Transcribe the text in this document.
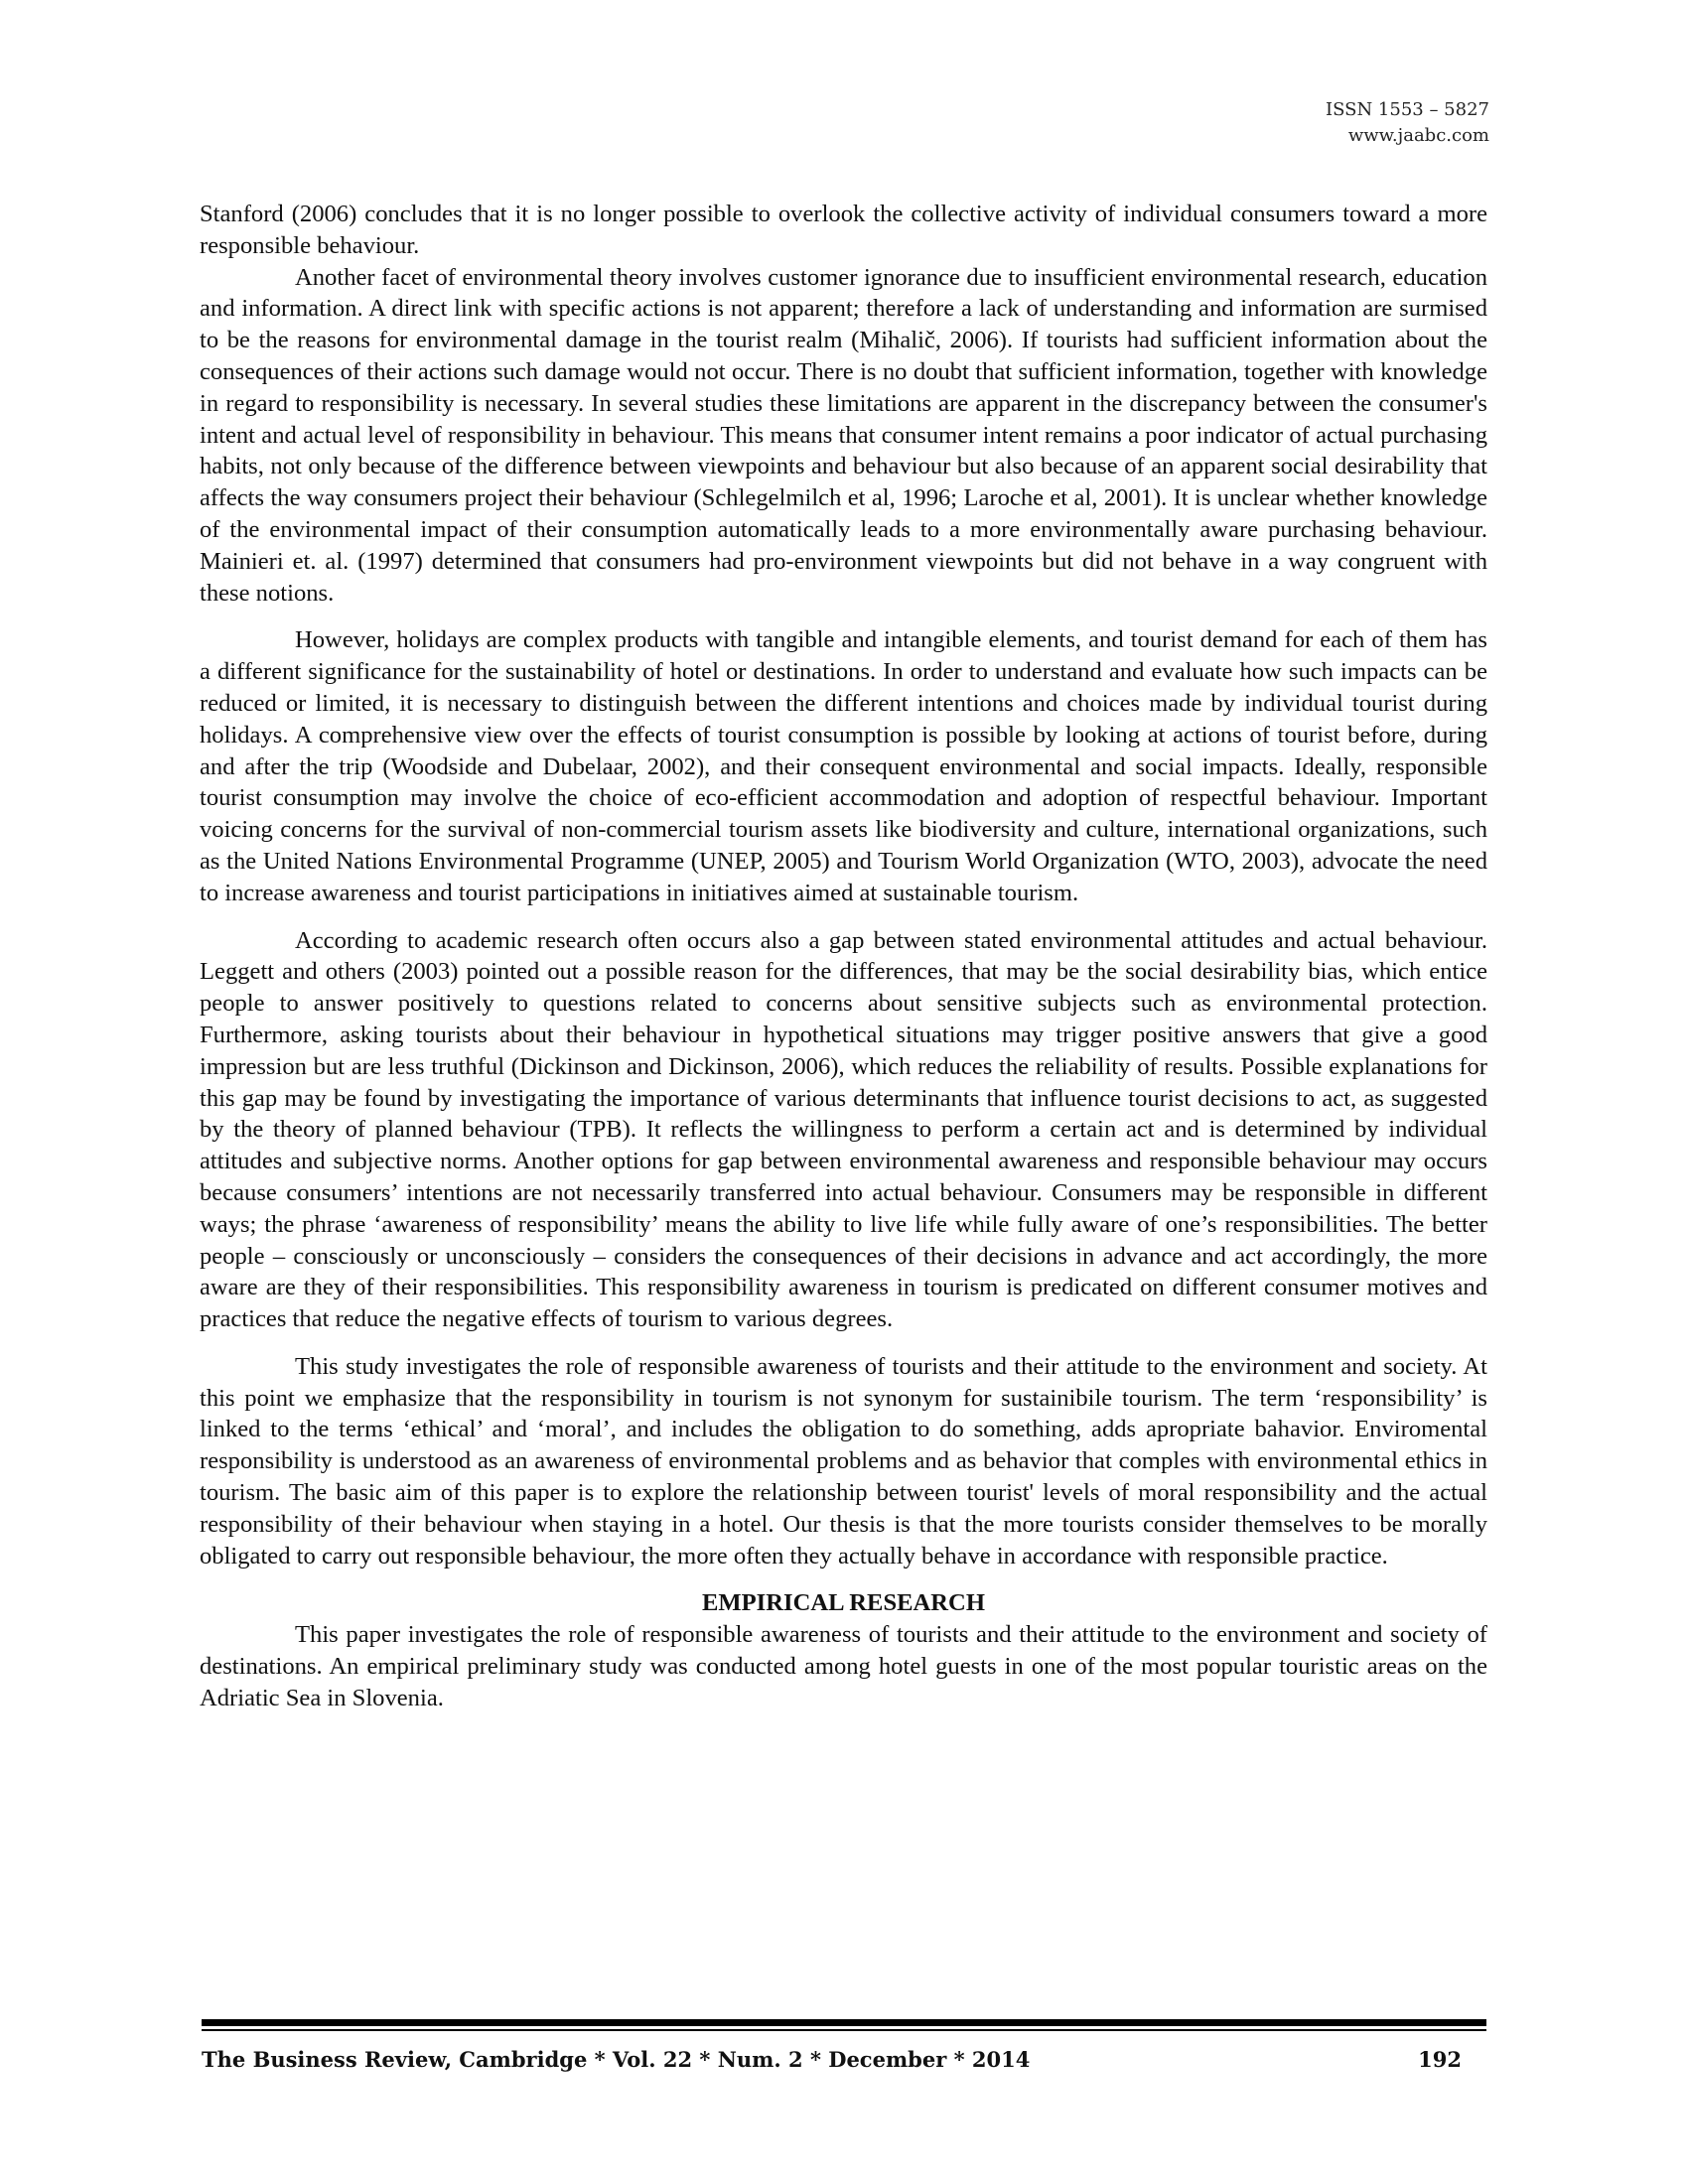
ISSN 1553 – 5827
www.jaabc.com

Stanford (2006) concludes that it is no longer possible to overlook the collective activity of individual consumers toward a more responsible behaviour.

Another facet of environmental theory involves customer ignorance due to insufficient environmental research, education and information. A direct link with specific actions is not apparent; therefore a lack of understanding and information are surmised to be the reasons for environmental damage in the tourist realm (Mihalič, 2006). If tourists had sufficient information about the consequences of their actions such damage would not occur. There is no doubt that sufficient information, together with knowledge in regard to responsibility is necessary. In several studies these limitations are apparent in the discrepancy between the consumer's intent and actual level of responsibility in behaviour. This means that consumer intent remains a poor indicator of actual purchasing habits, not only because of the difference between viewpoints and behaviour but also because of an apparent social desirability that affects the way consumers project their behaviour (Schlegelmilch et al, 1996; Laroche et al, 2001). It is unclear whether knowledge of the environmental impact of their consumption automatically leads to a more environmentally aware purchasing behaviour. Mainieri et. al. (1997) determined that consumers had pro-environment viewpoints but did not behave in a way congruent with these notions.

However, holidays are complex products with tangible and intangible elements, and tourist demand for each of them has a different significance for the sustainability of hotel or destinations. In order to understand and evaluate how such impacts can be reduced or limited, it is necessary to distinguish between the different intentions and choices made by individual tourist during holidays. A comprehensive view over the effects of tourist consumption is possible by looking at actions of tourist before, during and after the trip (Woodside and Dubelaar, 2002), and their consequent environmental and social impacts. Ideally, responsible tourist consumption may involve the choice of eco-efficient accommodation and adoption of respectful behaviour. Important voicing concerns for the survival of non-commercial tourism assets like biodiversity and culture, international organizations, such as the United Nations Environmental Programme (UNEP, 2005) and Tourism World Organization (WTO, 2003), advocate the need to increase awareness and tourist participations in initiatives aimed at sustainable tourism.

According to academic research often occurs also a gap between stated environmental attitudes and actual behaviour. Leggett and others (2003) pointed out a possible reason for the differences, that may be the social desirability bias, which entice people to answer positively to questions related to concerns about sensitive subjects such as environmental protection. Furthermore, asking tourists about their behaviour in hypothetical situations may trigger positive answers that give a good impression but are less truthful (Dickinson and Dickinson, 2006), which reduces the reliability of results. Possible explanations for this gap may be found by investigating the importance of various determinants that influence tourist decisions to act, as suggested by the theory of planned behaviour (TPB). It reflects the willingness to perform a certain act and is determined by individual attitudes and subjective norms. Another options for gap between environmental awareness and responsible behaviour may occurs because consumers’ intentions are not necessarily transferred into actual behaviour. Consumers may be responsible in different ways; the phrase ‘awareness of responsibility’ means the ability to live life while fully aware of one’s responsibilities. The better people – consciously or unconsciously – considers the consequences of their decisions in advance and act accordingly, the more aware are they of their responsibilities. This responsibility awareness in tourism is predicated on different consumer motives and practices that reduce the negative effects of tourism to various degrees.

This study investigates the role of responsible awareness of tourists and their attitude to the environment and society. At this point we emphasize that the responsibility in tourism is not synonym for sustainibile tourism. The term ‘responsibility’ is linked to the terms ‘ethical’ and ‘moral’, and includes the obligation to do something, adds apropriate bahavior. Enviromental responsibility is understood as an awareness of environmental problems and as behavior that comples with environmental ethics in tourism. The basic aim of this paper is to explore the relationship between tourist' levels of moral responsibility and the actual responsibility of their behaviour when staying in a hotel. Our thesis is that the more tourists consider themselves to be morally obligated to carry out responsible behaviour, the more often they actually behave in accordance with responsible practice.

EMPIRICAL RESEARCH

This paper investigates the role of responsible awareness of tourists and their attitude to the environment and society of destinations. An empirical preliminary study was conducted among hotel guests in one of the most popular touristic areas on the Adriatic Sea in Slovenia.

The Business Review, Cambridge * Vol. 22 * Num. 2 * December * 2014	192
